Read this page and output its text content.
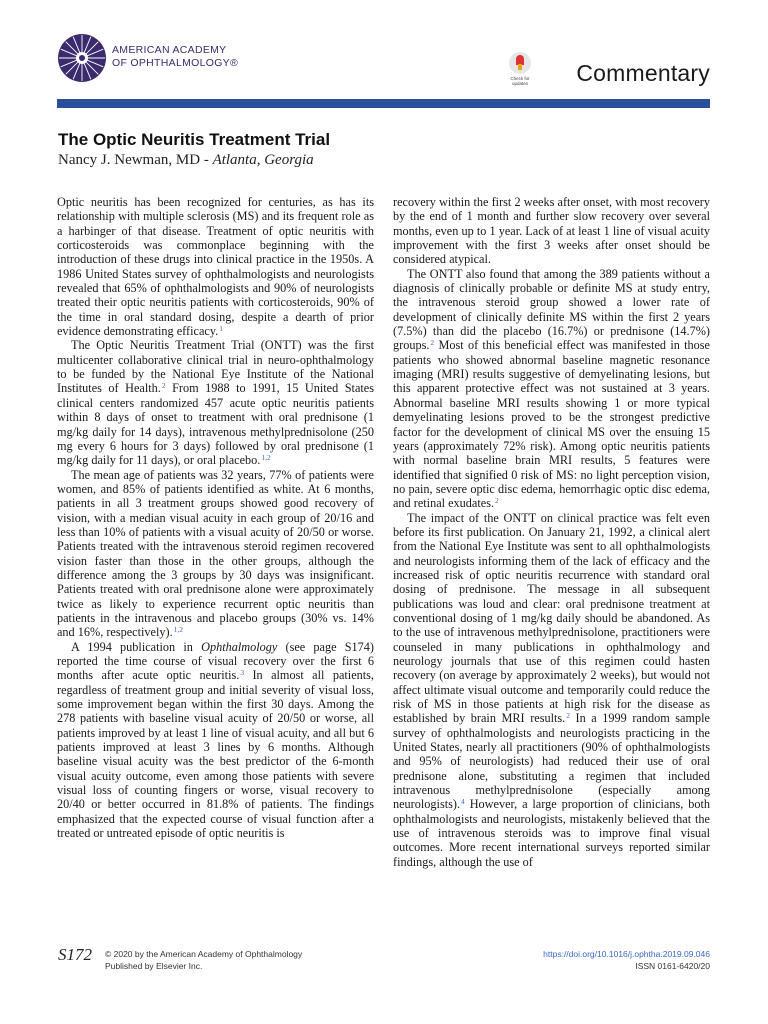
AMERICAN ACADEMY
OF OPHTHALMOLOGY®
Check for
updates Commentary
The Optic Neuritis Treatment Trial
Nancy J. Newman, MD - Atlanta, Georgia

Optic neuritis has been recognized for centuries, as has its relationship with multiple sclerosis (MS) and its frequent role as a harbinger of that disease. Treatment of optic neuritis with corticosteroids was commonplace beginning with the introduction of these drugs into clinical practice in the 1950s. A 1986 United States survey of ophthalmologists and neurologists revealed that 65% of ophthalmologists and 90% of neurologists treated their optic neuritis patients with corticosteroids, 90% of the time in oral standard dosing, despite a dearth of prior evidence demonstrating efficacy.$^1$

The Optic Neuritis Treatment Trial (ONTT) was the first multicenter collaborative clinical trial in neuro-ophthalmology to be funded by the National Eye Institute of the National Institutes of Health.$^2$ From 1988 to 1991, 15 United States clinical centers randomized 457 acute optic neuritis patients within 8 days of onset to treatment with oral prednisone (1 mg/kg daily for 14 days), intravenous methylprednisolone (250 mg every 6 hours for 3 days) followed by oral prednisone (1 mg/kg daily for 11 days), or oral placebo.$^{1,2}$

The mean age of patients was 32 years, 77% of patients were women, and 85% of patients identified as white. At 6 months, patients in all 3 treatment groups showed good recovery of vision, with a median visual acuity in each group of 20/16 and less than 10% of patients with a visual acuity of 20/50 or worse. Patients treated with the intravenous steroid regimen recovered vision faster than those in the other groups, although the difference among the 3 groups by 30 days was insignificant. Patients treated with oral prednisone alone were approximately twice as likely to experience recurrent optic neuritis than patients in the intravenous and placebo groups (30% vs. 14% and 16%, respectively).$^{1,2}$

A 1994 publication in Ophthalmology (see page S174) reported the time course of visual recovery over the first 6 months after acute optic neuritis.$^3$ In almost all patients, regardless of treatment group and initial severity of visual loss, some improvement began within the first 30 days. Among the 278 patients with baseline visual acuity of 20/50 or worse, all patients improved by at least 1 line of visual acuity, and all but 6 patients improved at least 3 lines by 6 months. Although baseline visual acuity was the best predictor of the 6-month visual acuity outcome, even among those patients with severe visual loss of counting fingers or worse, visual recovery to 20/40 or better occurred in 81.8% of patients. The findings emphasized that the expected course of visual function after a treated or untreated episode of optic neuritis is

recovery within the first 2 weeks after onset, with most recovery by the end of 1 month and further slow recovery over several months, even up to 1 year. Lack of at least 1 line of visual acuity improvement with the first 3 weeks after onset should be considered atypical.

The ONTT also found that among the 389 patients without a diagnosis of clinically probable or definite MS at study entry, the intravenous steroid group showed a lower rate of development of clinically definite MS within the first 2 years (7.5%) than did the placebo (16.7%) or prednisone (14.7%) groups.$^2$ Most of this beneficial effect was manifested in those patients who showed abnormal baseline magnetic resonance imaging (MRI) results suggestive of demyelinating lesions, but this apparent protective effect was not sustained at 3 years. Abnormal baseline MRI results showing 1 or more typical demyelinating lesions proved to be the strongest predictive factor for the development of clinical MS over the ensuing 15 years (approximately 72% risk). Among optic neuritis patients with normal baseline brain MRI results, 5 features were identified that signified 0 risk of MS: no light perception vision, no pain, severe optic disc edema, hemorrhagic optic disc edema, and retinal exudates.$^2$

The impact of the ONTT on clinical practice was felt even before its first publication. On January 21, 1992, a clinical alert from the National Eye Institute was sent to all ophthalmologists and neurologists informing them of the lack of efficacy and the increased risk of optic neuritis recurrence with standard oral dosing of prednisone. The message in all subsequent publications was loud and clear: oral prednisone treatment at conventional dosing of 1 mg/kg daily should be abandoned. As to the use of intravenous methylprednisolone, practitioners were counseled in many publications in ophthalmology and neurology journals that use of this regimen could hasten recovery (on average by approximately 2 weeks), but would not affect ultimate visual outcome and temporarily could reduce the risk of MS in those patients at high risk for the disease as established by brain MRI results.$^2$ In a 1999 random sample survey of ophthalmologists and neurologists practicing in the United States, nearly all practitioners (90% of ophthalmologists and 95% of neurologists) had reduced their use of oral prednisone alone, substituting a regimen that included intravenous methylprednisolone (especially among neurologists).$^4$ However, a large proportion of clinicians, both ophthalmologists and neurologists, mistakenly believed that the use of intravenous steroids was to improve final visual outcomes. More recent international surveys reported similar findings, although the use of

S172 © 2020 by the American Academy of Ophthalmology
Published by Elsevier Inc.
https://doi.org/10.1016/j.ophtha.2019.09.046
ISSN 0161-6420/20
